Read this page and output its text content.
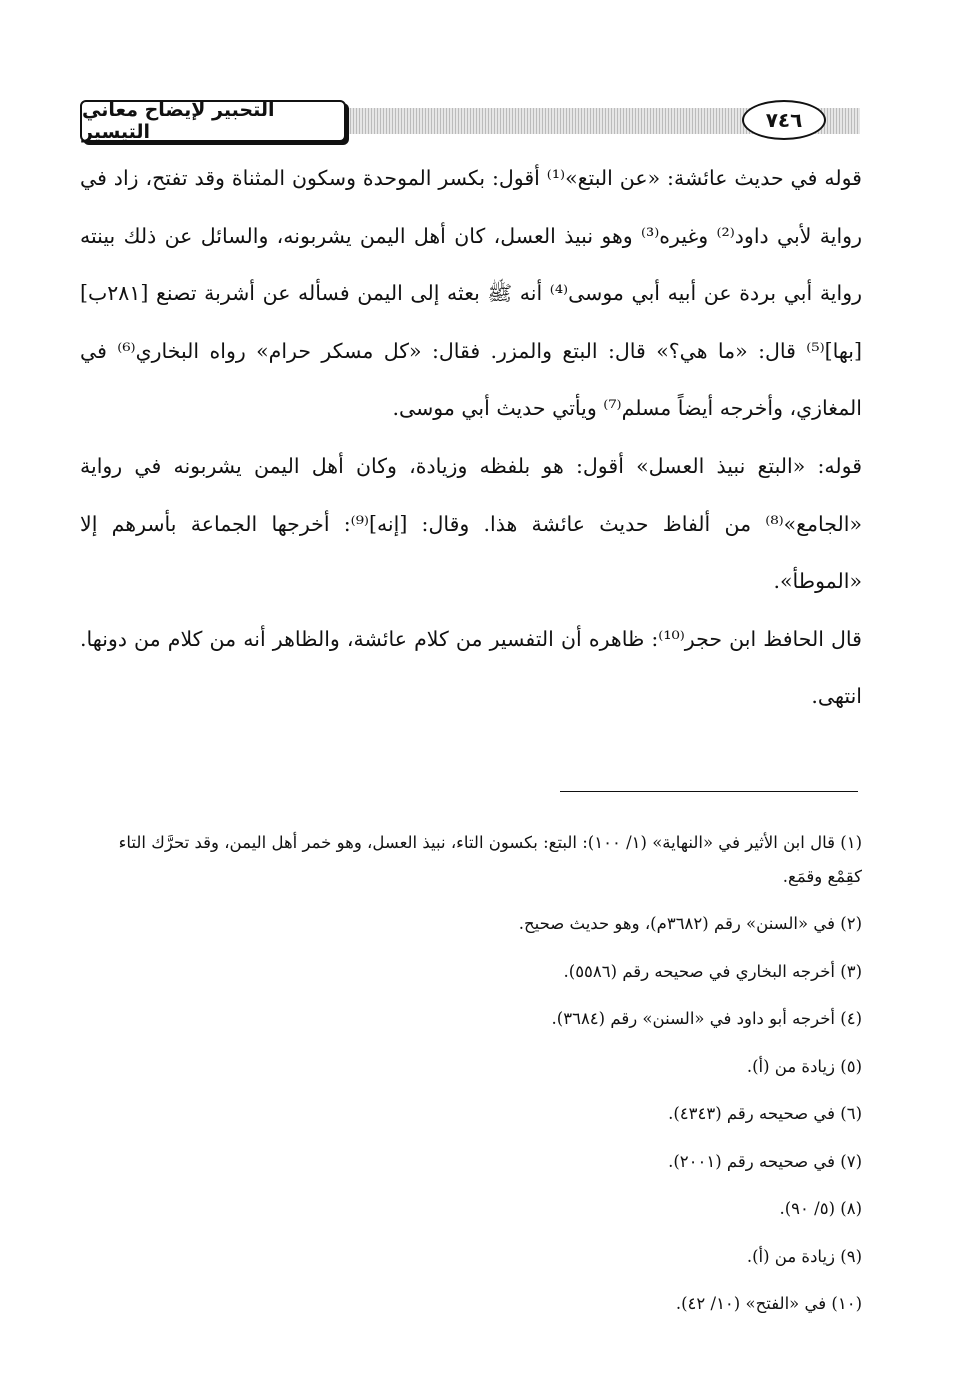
التحبير لإيضاح معاني التيسير	٧٤٦

قوله في حديث عائشة: «عن البتع»⁽¹⁾ أقول: بكسر الموحدة وسكون المثناة وقد تفتح، زاد في رواية لأبي داود⁽²⁾ وغيره⁽³⁾ وهو نبيذ العسل، كان أهل اليمن يشربونه، والسائل عن ذلك بينته رواية أبي بردة عن أبيه أبي موسى⁽⁴⁾ أنه ﷺ بعثه إلى اليمن فسأله عن أشربة تصنع [٢٨١ب] [بها]⁽⁵⁾ قال: «ما هي؟» قال: البتع والمزر. فقال: «كل مسكر حرام» رواه البخاري⁽⁶⁾ في المغازي، وأخرجه أيضاً مسلم⁽⁷⁾ ويأتي حديث أبي موسى.

قوله: «البتع نبيذ العسل» أقول: هو بلفظه وزيادة، وكان أهل اليمن يشربونه في رواية «الجامع»⁽⁸⁾ من ألفاظ حديث عائشة هذا. وقال: [إنه]⁽⁹⁾: أخرجها الجماعة بأسرهم إلا «الموطأ».

قال الحافظ ابن حجر⁽¹⁰⁾: ظاهره أن التفسير من كلام عائشة، والظاهر أنه من كلام من دونها. انتهى.

(١) قال ابن الأثير في «النهاية» (١/ ١٠٠): البتع: بكسون التاء، نبيذ العسل، وهو خمر أهل اليمن، وقد تحرَّك التاء كقِمْع وقمَع.

(٢) في «السنن» رقم (٣٦٨٢م)، وهو حديث صحيح.

(٣) أخرجه البخاري في صحيحه رقم (٥٥٨٦).

(٤) أخرجه أبو داود في «السنن» رقم (٣٦٨٤).

(٥) زيادة من (أ).

(٦) في صحيحه رقم (٤٣٤٣).

(٧) في صحيحه رقم (٢٠٠١).

(٨) (٥/ ٩٠).

(٩) زيادة من (أ).

(١٠) في «الفتح» (١٠/ ٤٢).
